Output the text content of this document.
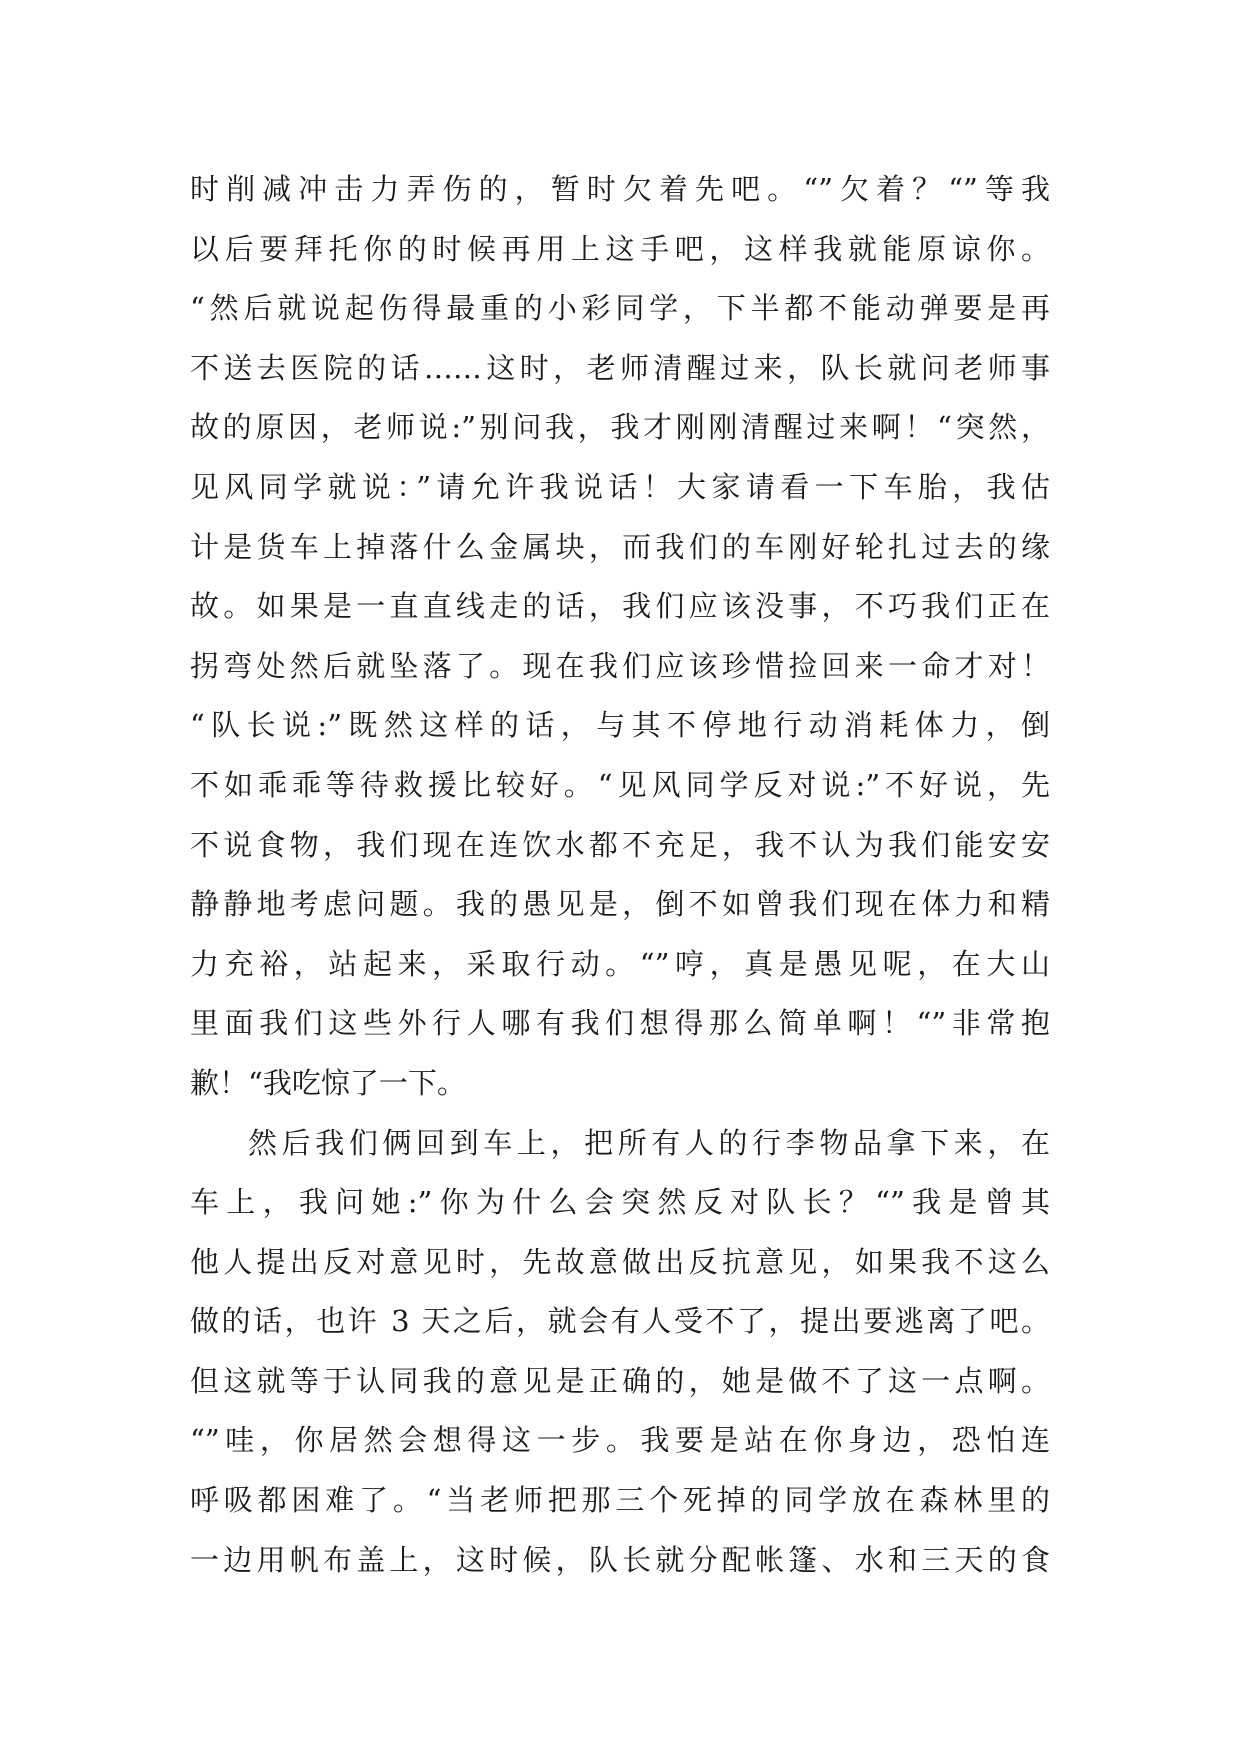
时削减冲击力弄伤的，暂时欠着先吧。“”欠着？“”等我
以后要拜托你的时候再用上这手吧，这样我就能原谅你。
“然后就说起伤得最重的小彩同学，下半都不能动弹要是再
不送去医院的话……这时，老师清醒过来，队长就问老师事
故的原因，老师说:”别问我，我才刚刚清醒过来啊！“突然，
见风同学就说：”请允许我说话！大家请看一下车胎，我估
计是货车上掉落什么金属块，而我们的车刚好轮扎过去的缘
故。如果是一直直线走的话，我们应该没事，不巧我们正在
拐弯处然后就坠落了。现在我们应该珍惜捡回来一命才对！
“队长说:”既然这样的话，与其不停地行动消耗体力，倒
不如乖乖等待救援比较好。“见风同学反对说:”不好说，先
不说食物，我们现在连饮水都不充足，我不认为我们能安安
静静地考虑问题。我的愚见是，倒不如曾我们现在体力和精
力充裕，站起来，采取行动。“”哼，真是愚见呢，在大山
里面我们这些外行人哪有我们想得那么简单啊！“”非常抱
歉！“我吃惊了一下。
然后我们俩回到车上，把所有人的行李物品拿下来，在
车上，我问她:”你为什么会突然反对队长？“”我是曾其
他人提出反对意见时，先故意做出反抗意见，如果我不这么
做的话，也许 3 天之后，就会有人受不了，提出要逃离了吧。
但这就等于认同我的意见是正确的，她是做不了这一点啊。
“”哇，你居然会想得这一步。我要是站在你身边，恐怕连
呼吸都困难了。“当老师把那三个死掉的同学放在森林里的
一边用帆布盖上，这时候，队长就分配帐篷、水和三天的食
